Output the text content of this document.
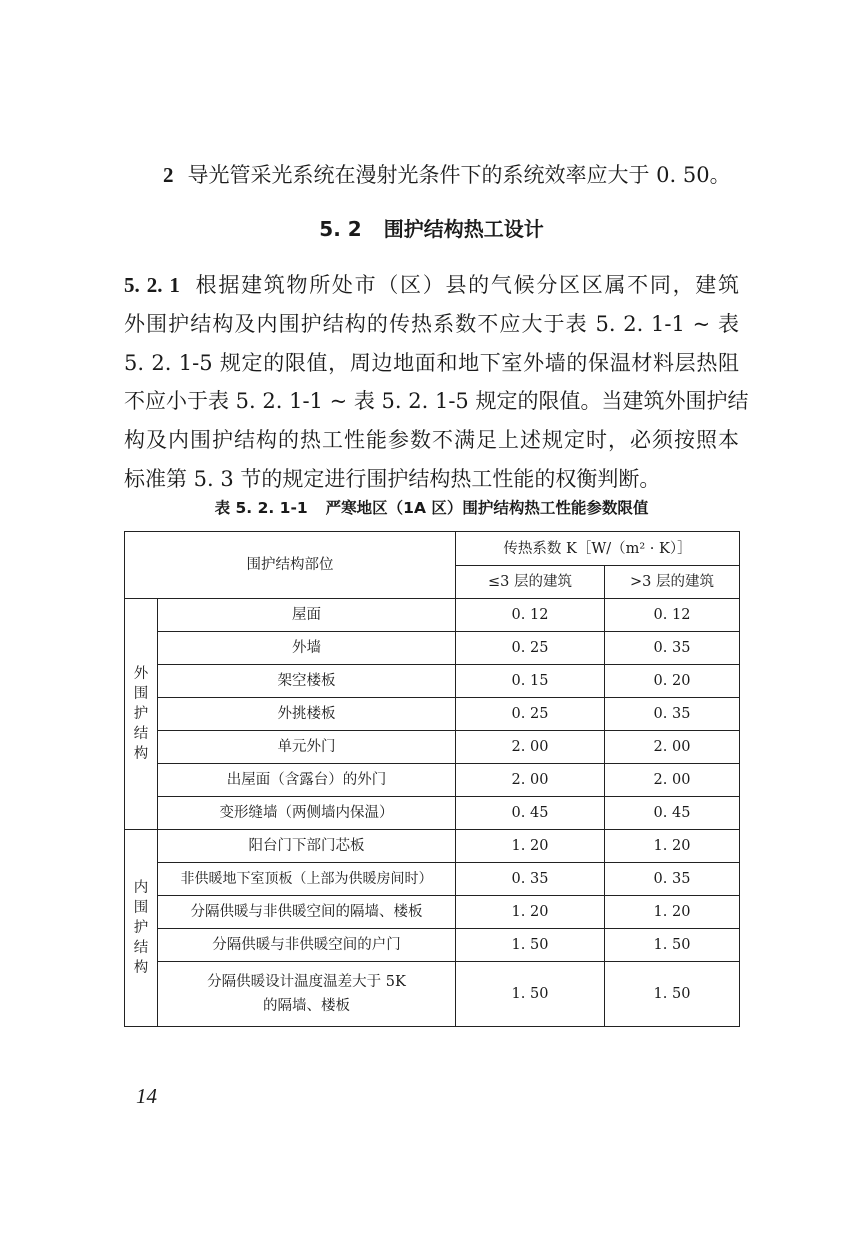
2 导光管采光系统在漫射光条件下的系统效率应大于 0. 50。
5. 2 围护结构热工设计
5. 2. 1 根据建筑物所处市（区）县的气候分区区属不同，建筑
外围护结构及内围护结构的传热系数不应大于表 5. 2. 1-1 ~ 表
5. 2. 1-5 规定的限值，周边地面和地下室外墙的保温材料层热阻
不应小于表 5. 2. 1-1 ~ 表 5. 2. 1-5 规定的限值。当建筑外围护结
构及内围护结构的热工性能参数不满足上述规定时，必须按照本
标准第 5. 3 节的规定进行围护结构热工性能的权衡判断。
表 5. 2. 1-1 严寒地区（1A 区）围护结构热工性能参数限值
围护结构部位		传热系数 K［W/（m² · K）］	
		≤3 层的建筑	>3 层的建筑

外
围
护
结
构	屋面	0. 12	0. 12
	外墙	0. 25	0. 35
	架空楼板	0. 15	0. 20
	外挑楼板	0. 25	0. 35
	单元外门	2. 00	2. 00
	出屋面（含露台）的外门	2. 00	2. 00
	变形缝墙（两侧墙内保温）	0. 45	0. 45

内
围
护
结
构	阳台门下部门芯板	1. 20	1. 20
	非供暖地下室顶板（上部为供暖房间时）	0. 35	0. 35
	分隔供暖与非供暖空间的隔墙、楼板	1. 20	1. 20
	分隔供暖与非供暖空间的户门	1. 50	1. 50

	分隔供暖设计温度温差大于 5K
的隔墙、楼板	1. 50	1. 50
14
